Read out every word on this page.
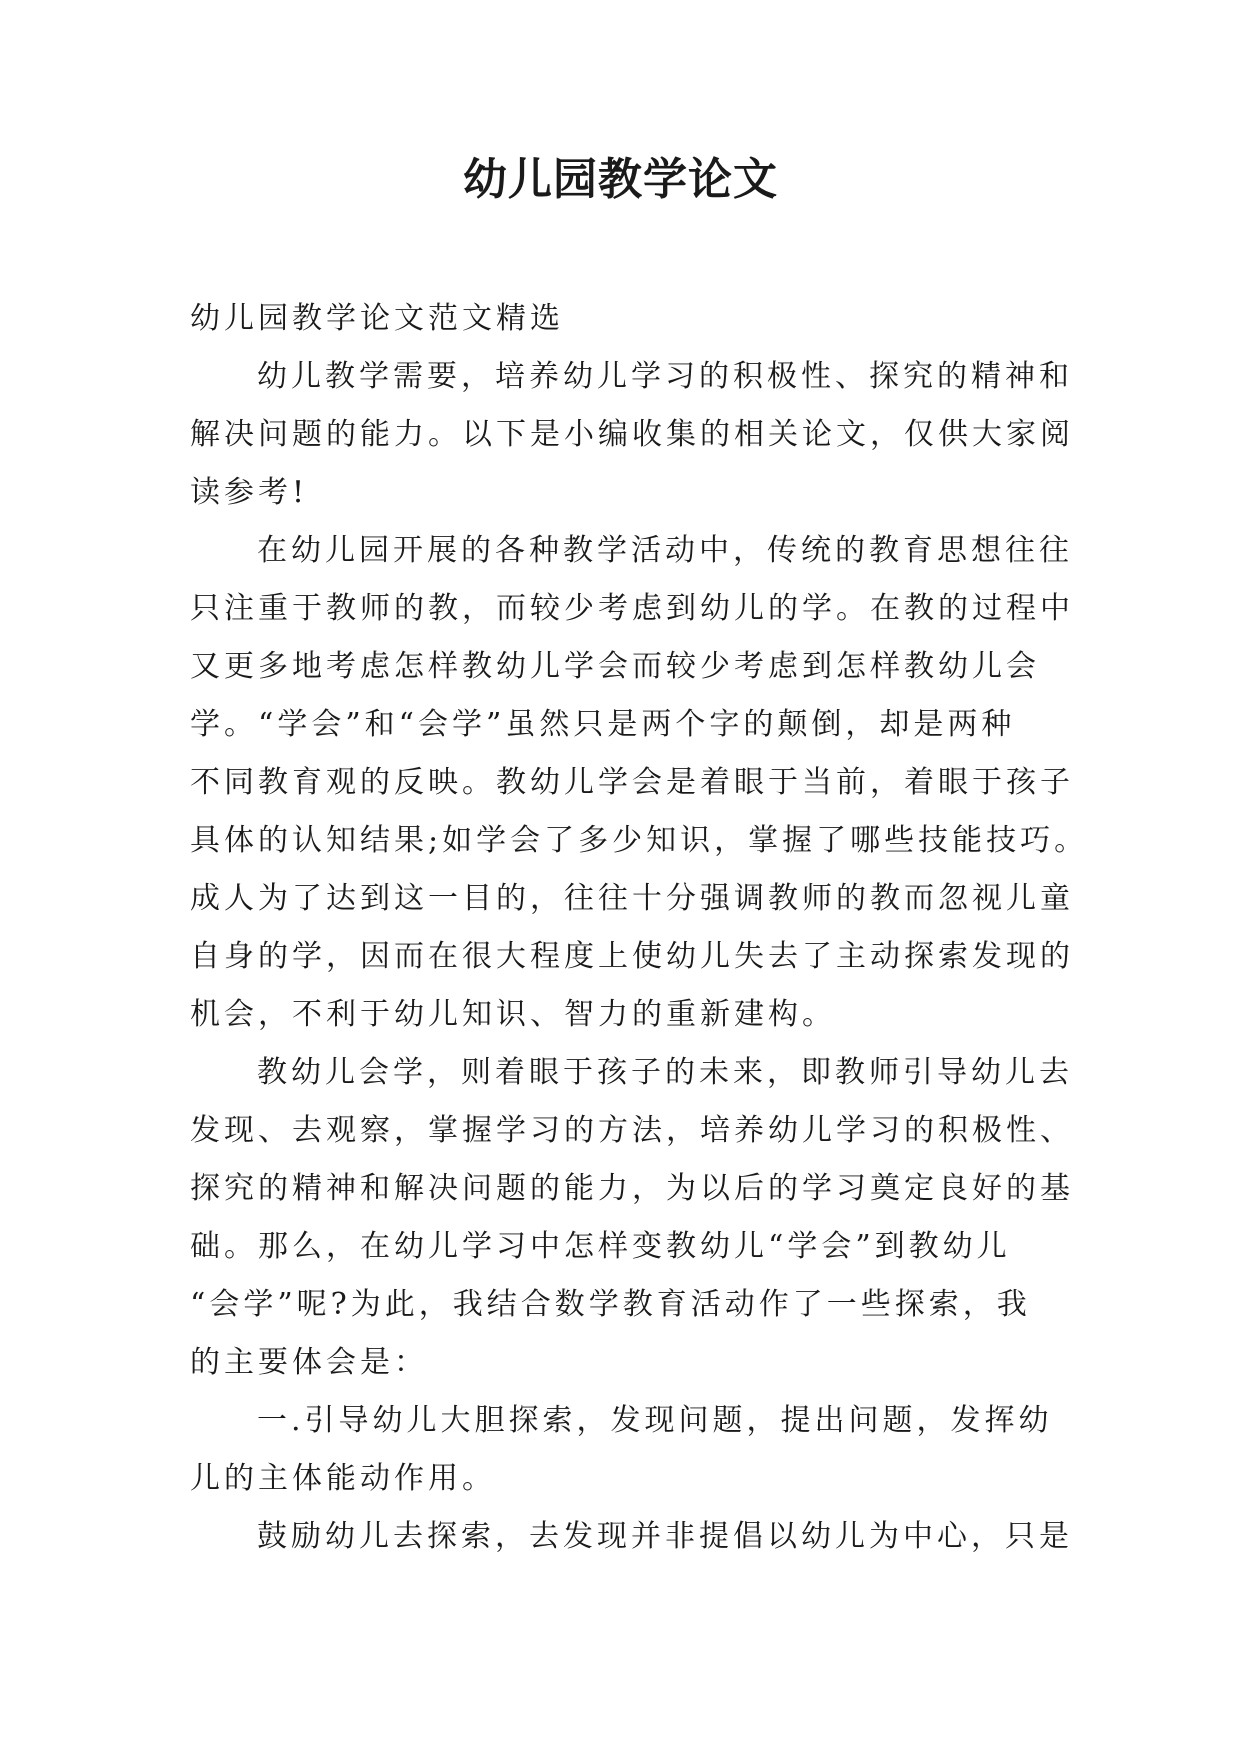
幼儿园教学论文
幼儿园教学论文范文精选
幼儿教学需要，培养幼儿学习的积极性、探究的精神和
解决问题的能力。以下是小编收集的相关论文，仅供大家阅
读参考!
在幼儿园开展的各种教学活动中，传统的教育思想往往
只注重于教师的教，而较少考虑到幼儿的学。在教的过程中
又更多地考虑怎样教幼儿学会而较少考虑到怎样教幼儿会
学。“学会”和“会学”虽然只是两个字的颠倒，却是两种
不同教育观的反映。教幼儿学会是着眼于当前，着眼于孩子
具体的认知结果;如学会了多少知识，掌握了哪些技能技巧。
成人为了达到这一目的，往往十分强调教师的教而忽视儿童
自身的学，因而在很大程度上使幼儿失去了主动探索发现的
机会，不利于幼儿知识、智力的重新建构。
教幼儿会学，则着眼于孩子的未来，即教师引导幼儿去
发现、去观察，掌握学习的方法，培养幼儿学习的积极性、
探究的精神和解决问题的能力，为以后的学习奠定良好的基
础。那么，在幼儿学习中怎样变教幼儿“学会”到教幼儿
“会学”呢?为此，我结合数学教育活动作了一些探索，我
的主要体会是：
一.引导幼儿大胆探索，发现问题，提出问题，发挥幼
儿的主体能动作用。
鼓励幼儿去探索，去发现并非提倡以幼儿为中心，只是
